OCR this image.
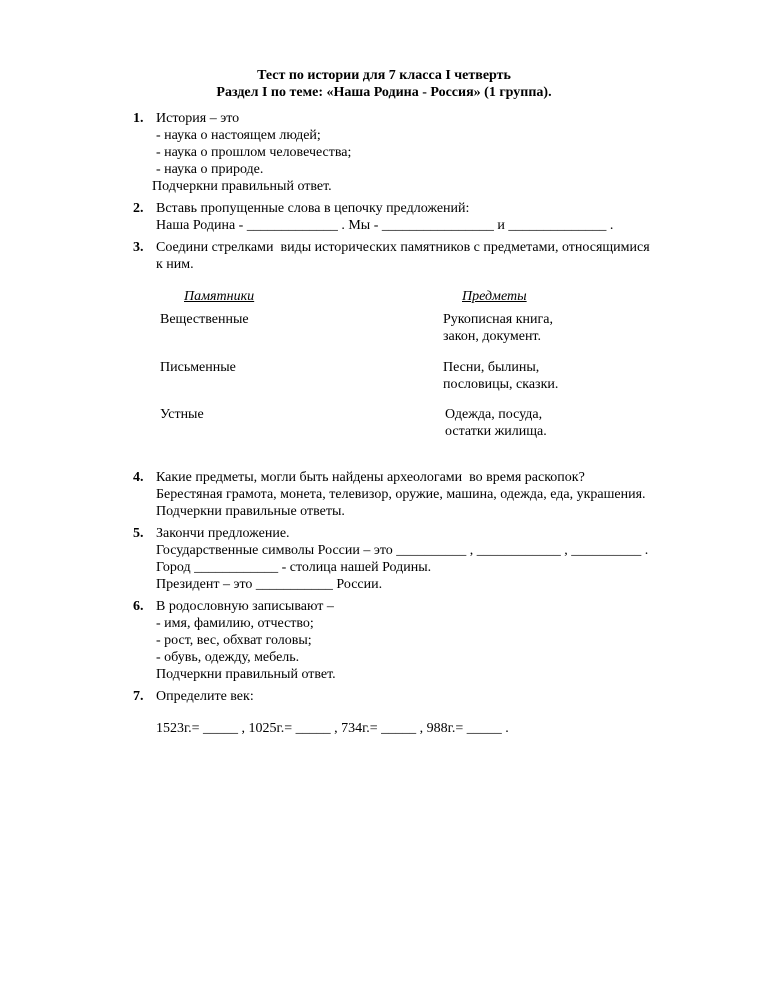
Тест по истории для 7 класса I четверть
Раздел I по теме: «Наша Родина - Россия» (1 группа).
1. История – это
- наука о настоящем людей;
- наука о прошлом человечества;
- наука о природе.
Подчеркни правильный ответ.
2. Вставь пропущенные слова в цепочку предложений:
Наша Родина - _____________ . Мы - ________________ и ______________ .
3. Соедини стрелками  виды исторических памятников с предметами, относящимися
к ним.
Памятники	Предметы
Вещественные
Письменные
Устные
Рукописная книга,
закон, документ.
Песни, былины,
пословицы, сказки.
Одежда, посуда,
остатки жилища.
4. Какие предметы, могли быть найдены археологами  во время раскопок?
Берестяная грамота, монета, телевизор, оружие, машина, одежда, еда, украшения.
Подчеркни правильные ответы.
5. Закончи предложение.
Государственные символы России – это __________ , ____________ , __________ .
Город ____________ - столица нашей Родины.
Президент – это ___________ России.
6. В родословную записывают –
- имя, фамилию, отчество;
- рост, вес, обхват головы;
- обувь, одежду, мебель.
Подчеркни правильный ответ.
7. Определите век:
1523г.= _____ , 1025г.= _____ , 734г.= _____ , 988г.= _____ .
